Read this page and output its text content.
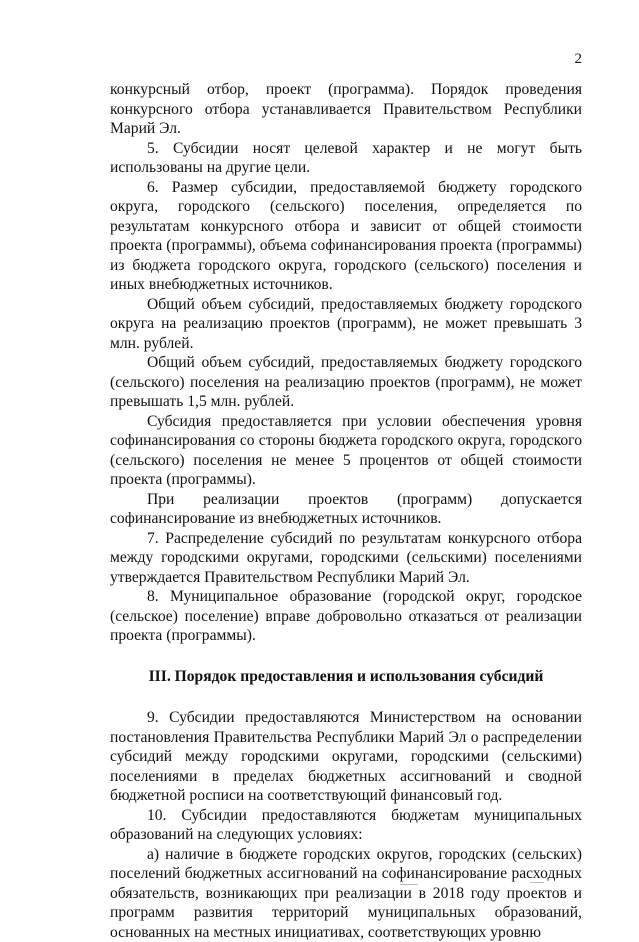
2

конкурсный отбор, проект (программа). Порядок проведения конкурсного отбора устанавливается Правительством Республики Марий Эл.

5. Субсидии носят целевой характер и не могут быть использованы на другие цели.

6. Размер субсидии, предоставляемой бюджету городского округа, городского (сельского) поселения, определяется по результатам конкурсного отбора и зависит от общей стоимости проекта (программы), объема софинансирования проекта (программы) из бюджета городского округа, городского (сельского) поселения и иных внебюджетных источников.

Общий объем субсидий, предоставляемых бюджету городского округа на реализацию проектов (программ), не может превышать 3 млн. рублей.

Общий объем субсидий, предоставляемых бюджету городского (сельского) поселения на реализацию проектов (программ), не может превышать 1,5 млн. рублей.

Субсидия предоставляется при условии обеспечения уровня софинансирования со стороны бюджета городского округа, городского (сельского) поселения не менее 5 процентов от общей стоимости проекта (программы).

При реализации проектов (программ) допускается софинансирование из внебюджетных источников.

7. Распределение субсидий по результатам конкурсного отбора между городскими округами, городскими (сельскими) поселениями утверждается Правительством Республики Марий Эл.

8. Муниципальное образование (городской округ, городское (сельское) поселение) вправе добровольно отказаться от реализации проекта (программы).

III. Порядок предоставления и использования субсидий

9. Субсидии предоставляются Министерством на основании постановления Правительства Республики Марий Эл о распределении субсидий между городскими округами, городскими (сельскими) поселениями в пределах бюджетных ассигнований и сводной бюджетной росписи на соответствующий финансовый год.

10. Субсидии предоставляются бюджетам муниципальных образований на следующих условиях:

а) наличие в бюджете городских округов, городских (сельских) поселений бюджетных ассигнований на софинансирование расходных обязательств, возникающих при реализации в 2018 году проектов и программ развития территорий муниципальных образований, основанных на местных инициативах, соответствующих уровню
